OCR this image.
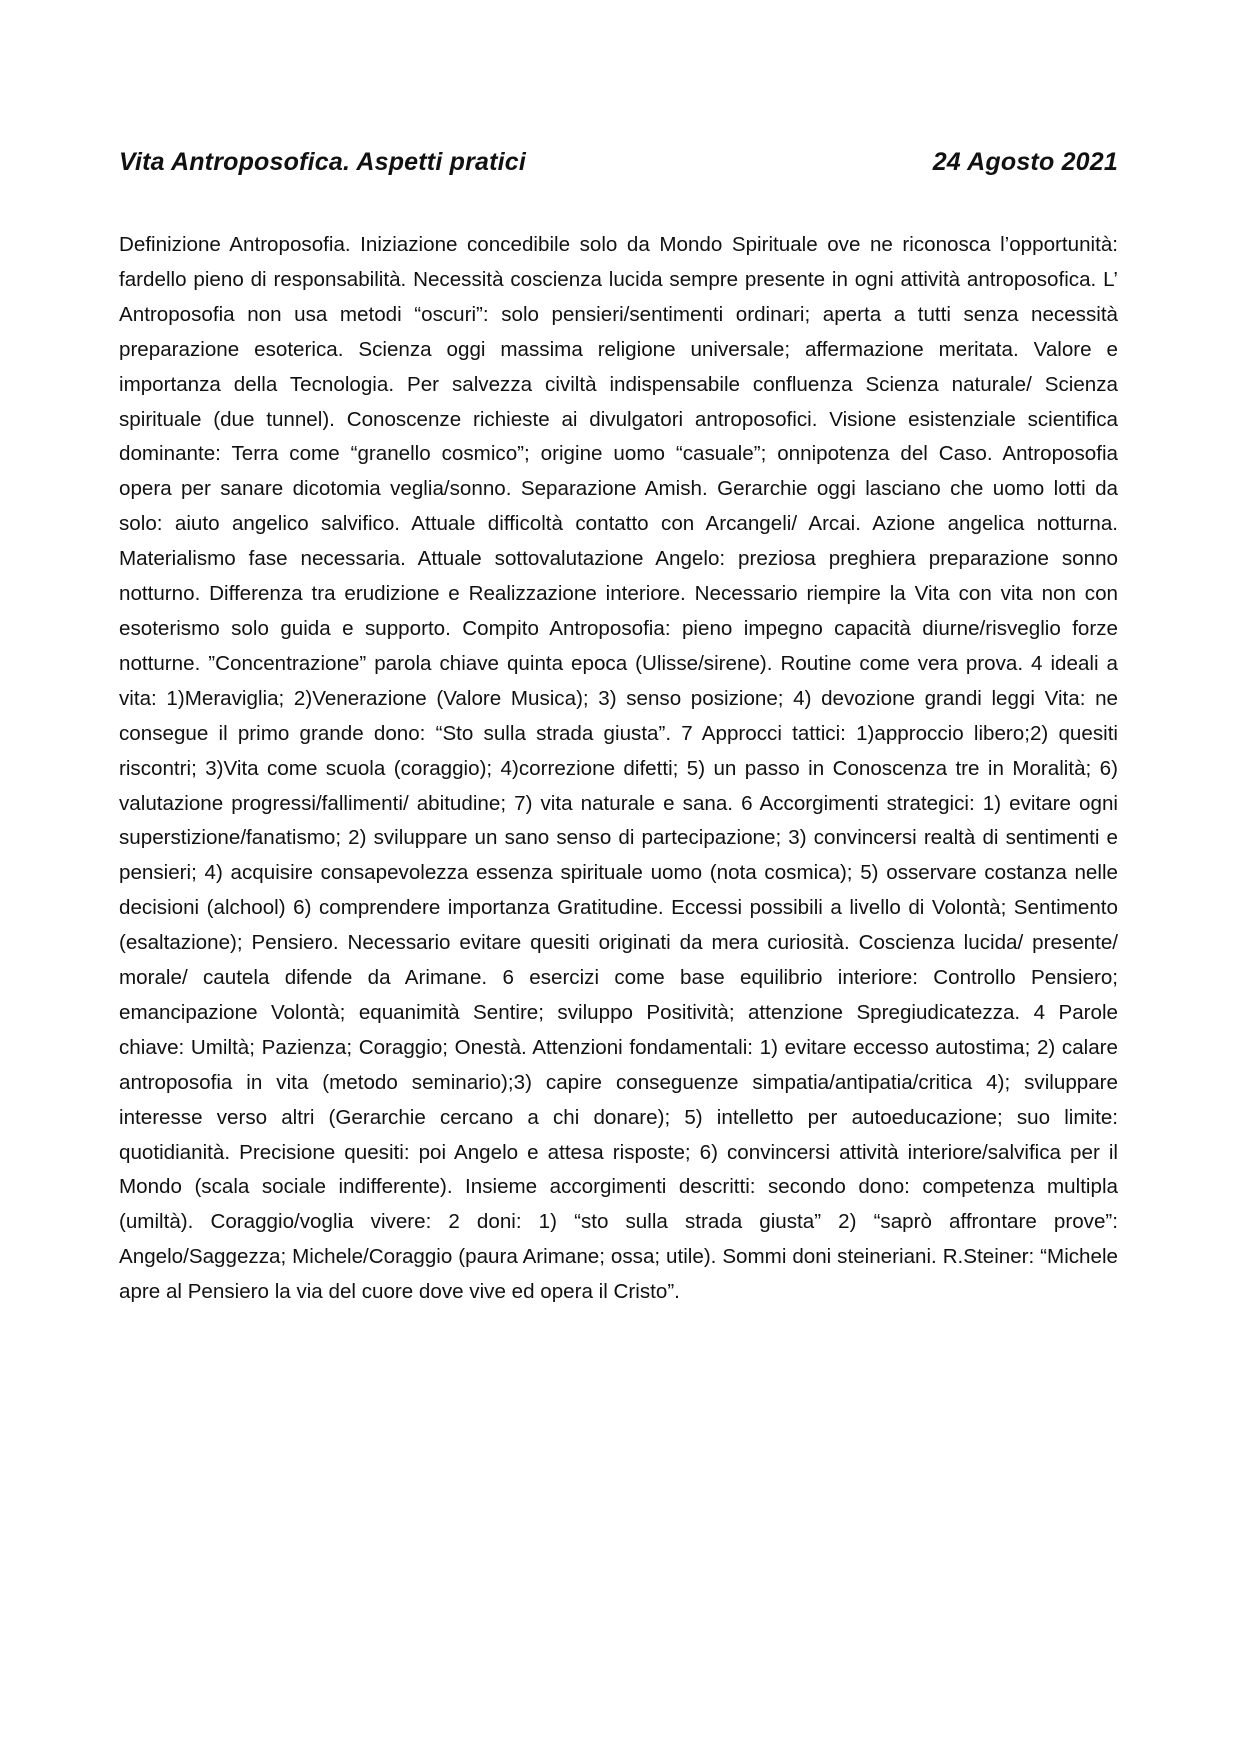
Vita Antroposofica. Aspetti pratici	24 Agosto 2021

Definizione Antroposofia. Iniziazione concedibile solo da Mondo Spirituale ove ne riconosca l’opportunità: fardello pieno di responsabilità. Necessità coscienza lucida sempre presente in ogni attività antroposofica. L’ Antroposofia non usa metodi “oscuri”: solo pensieri/sentimenti ordinari; aperta a tutti senza necessità preparazione esoterica. Scienza oggi massima religione universale; affermazione meritata. Valore e importanza della Tecnologia. Per salvezza civiltà indispensabile confluenza Scienza naturale/ Scienza spirituale (due tunnel). Conoscenze richieste ai divulgatori antroposofici. Visione esistenziale scientifica dominante: Terra come “granello cosmico”; origine uomo “casuale”; onnipotenza del Caso. Antroposofia opera per sanare dicotomia veglia/sonno. Separazione Amish. Gerarchie oggi lasciano che uomo lotti da solo: aiuto angelico salvifico. Attuale difficoltà contatto con Arcangeli/ Arcai. Azione angelica notturna. Materialismo fase necessaria. Attuale sottovalutazione Angelo: preziosa preghiera preparazione sonno notturno. Differenza tra erudizione e Realizzazione interiore. Necessario riempire la Vita con vita non con esoterismo solo guida e supporto. Compito Antroposofia: pieno impegno capacità diurne/risveglio forze notturne. ”Concentrazione” parola chiave quinta epoca (Ulisse/sirene). Routine come vera prova. 4 ideali a vita: 1)Meraviglia; 2)Venerazione (Valore Musica); 3) senso posizione; 4) devozione grandi leggi Vita: ne consegue il primo grande dono: “Sto sulla strada giusta”. 7 Approcci tattici: 1)approccio libero;2) quesiti riscontri; 3)Vita come scuola (coraggio); 4)correzione difetti; 5) un passo in Conoscenza tre in Moralità; 6) valutazione progressi/fallimenti/ abitudine; 7) vita naturale e sana. 6 Accorgimenti strategici: 1) evitare ogni superstizione/fanatismo; 2) sviluppare un sano senso di partecipazione; 3) convincersi realtà di sentimenti e pensieri; 4) acquisire consapevolezza essenza spirituale uomo (nota cosmica); 5) osservare costanza nelle decisioni (alchool) 6) comprendere importanza Gratitudine. Eccessi possibili a livello di Volontà; Sentimento (esaltazione); Pensiero. Necessario evitare quesiti originati da mera curiosità. Coscienza lucida/ presente/ morale/ cautela difende da Arimane. 6 esercizi come base equilibrio interiore: Controllo Pensiero; emancipazione Volontà; equanimità Sentire; sviluppo Positività; attenzione Spregiudicatezza. 4 Parole chiave: Umiltà; Pazienza; Coraggio; Onestà. Attenzioni fondamentali: 1) evitare eccesso autostima; 2) calare antroposofia in vita (metodo seminario);3) capire conseguenze simpatia/antipatia/critica 4); sviluppare interesse verso altri (Gerarchie cercano a chi donare); 5) intelletto per autoeducazione; suo limite: quotidianità. Precisione quesiti: poi Angelo e attesa risposte; 6) convincersi attività interiore/salvifica per il Mondo (scala sociale indifferente). Insieme accorgimenti descritti: secondo dono: competenza multipla (umiltà). Coraggio/voglia vivere: 2 doni: 1) “sto sulla strada giusta” 2) “saprò affrontare prove”: Angelo/Saggezza; Michele/Coraggio (paura Arimane; ossa; utile). Sommi doni steineriani. R.Steiner: “Michele apre al Pensiero la via del cuore dove vive ed opera il Cristo”.
